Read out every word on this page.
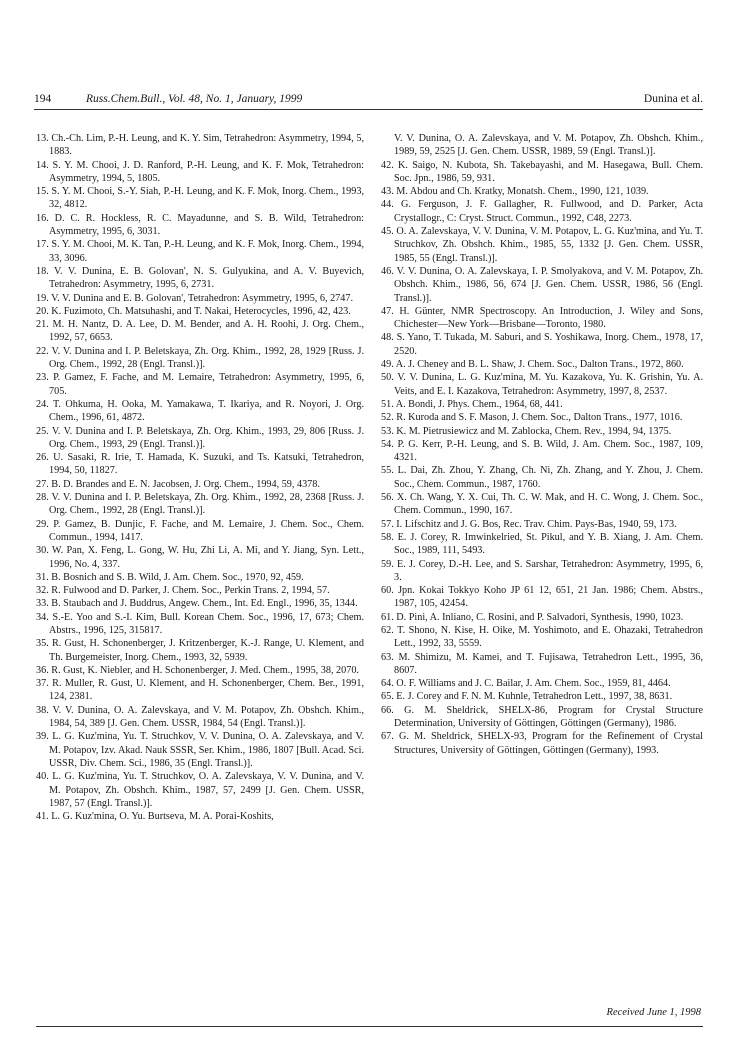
194	Russ.Chem.Bull., Vol. 48, No. 1, January, 1999	Dunina et al.

13. Ch.-Ch. Lim, P.-H. Leung, and K. Y. Sim, Tetrahedron: Asymmetry, 1994, 5, 1883.

14. S. Y. M. Chooi, J. D. Ranford, P.-H. Leung, and K. F. Mok, Tetrahedron: Asymmetry, 1994, 5, 1805.

15. S. Y. M. Chooi, S.-Y. Siah, P.-H. Leung, and K. F. Mok, Inorg. Chem., 1993, 32, 4812.

16. D. C. R. Hockless, R. C. Mayadunne, and S. B. Wild, Tetrahedron: Asymmetry, 1995, 6, 3031.

17. S. Y. M. Chooi, M. K. Tan, P.-H. Leung, and K. F. Mok, Inorg. Chem., 1994, 33, 3096.

18. V. V. Dunina, E. B. Golovan', N. S. Gulyukina, and A. V. Buyevich, Tetrahedron: Asymmetry, 1995, 6, 2731.

19. V. V. Dunina and E. B. Golovan', Tetrahedron: Asymmetry, 1995, 6, 2747.

20. K. Fuzimoto, Ch. Matsuhashi, and T. Nakai, Heterocycles, 1996, 42, 423.

21. M. H. Nantz, D. A. Lee, D. M. Bender, and A. H. Roohi, J. Org. Chem., 1992, 57, 6653.

22. V. V. Dunina and I. P. Beletskaya, Zh. Org. Khim., 1992, 28, 1929 [Russ. J. Org. Chem., 1992, 28 (Engl. Transl.)].

23. P. Gamez, F. Fache, and M. Lemaire, Tetrahedron: Asymmetry, 1995, 6, 705.

24. T. Ohkuma, H. Ooka, M. Yamakawa, T. Ikariya, and R. Noyori, J. Org. Chem., 1996, 61, 4872.

25. V. V. Dunina and I. P. Beletskaya, Zh. Org. Khim., 1993, 29, 806 [Russ. J. Org. Chem., 1993, 29 (Engl. Transl.)].

26. U. Sasaki, R. Irie, T. Hamada, K. Suzuki, and Ts. Katsuki, Tetrahedron, 1994, 50, 11827.

27. B. D. Brandes and E. N. Jacobsen, J. Org. Chem., 1994, 59, 4378.

28. V. V. Dunina and I. P. Beletskaya, Zh. Org. Khim., 1992, 28, 2368 [Russ. J. Org. Chem., 1992, 28 (Engl. Transl.)].

29. P. Gamez, B. Dunjic, F. Fache, and M. Lemaire, J. Chem. Soc., Chem. Commun., 1994, 1417.

30. W. Pan, X. Feng, L. Gong, W. Hu, Zhi Li, A. Mi, and Y. Jiang, Syn. Lett., 1996, No. 4, 337.

31. B. Bosnich and S. B. Wild, J. Am. Chem. Soc., 1970, 92, 459.

32. R. Fulwood and D. Parker, J. Chem. Soc., Perkin Trans. 2, 1994, 57.

33. B. Staubach and J. Buddrus, Angew. Chem., Int. Ed. Engl., 1996, 35, 1344.

34. S.-E. Yoo and S.-I. Kim, Bull. Korean Chem. Soc., 1996, 17, 673; Chem. Abstrs., 1996, 125, 315817.

35. R. Gust, H. Schonenberger, J. Kritzenberger, K.-J. Range, U. Klement, and Th. Burgemeister, Inorg. Chem., 1993, 32, 5939.

36. R. Gust, K. Niebler, and H. Schonenberger, J. Med. Chem., 1995, 38, 2070.

37. R. Muller, R. Gust, U. Klement, and H. Schonenberger, Chem. Ber., 1991, 124, 2381.

38. V. V. Dunina, O. A. Zalevskaya, and V. M. Potapov, Zh. Obshch. Khim., 1984, 54, 389 [J. Gen. Chem. USSR, 1984, 54 (Engl. Transl.)].

39. L. G. Kuz'mina, Yu. T. Struchkov, V. V. Dunina, O. A. Zalevskaya, and V. M. Potapov, Izv. Akad. Nauk SSSR, Ser. Khim., 1986, 1807 [Bull. Acad. Sci. USSR, Div. Chem. Sci., 1986, 35 (Engl. Transl.)].

40. L. G. Kuz'mina, Yu. T. Struchkov, O. A. Zalevskaya, V. V. Dunina, and V. M. Potapov, Zh. Obshch. Khim., 1987, 57, 2499 [J. Gen. Chem. USSR, 1987, 57 (Engl. Transl.)].

41. L. G. Kuz'mina, O. Yu. Burtseva, M. A. Porai-Koshits,

V. V. Dunina, O. A. Zalevskaya, and V. M. Potapov, Zh. Obshch. Khim., 1989, 59, 2525 [J. Gen. Chem. USSR, 1989, 59 (Engl. Transl.)].

42. K. Saigo, N. Kubota, Sh. Takebayashi, and M. Hasegawa, Bull. Chem. Soc. Jpn., 1986, 59, 931.

43. M. Abdou and Ch. Kratky, Monatsh. Chem., 1990, 121, 1039.

44. G. Ferguson, J. F. Gallagher, R. Fullwood, and D. Parker, Acta Crystallogr., C: Cryst. Struct. Commun., 1992, C48, 2273.

45. O. A. Zalevskaya, V. V. Dunina, V. M. Potapov, L. G. Kuz'mina, and Yu. T. Struchkov, Zh. Obshch. Khim., 1985, 55, 1332 [J. Gen. Chem. USSR, 1985, 55 (Engl. Transl.)].

46. V. V. Dunina, O. A. Zalevskaya, I. P. Smolyakova, and V. M. Potapov, Zh. Obshch. Khim., 1986, 56, 674 [J. Gen. Chem. USSR, 1986, 56 (Engl. Transl.)].

47. H. Günter, NMR Spectroscopy. An Introduction, J. Wiley and Sons, Chichester—New York—Brisbane—Toronto, 1980.

48. S. Yano, T. Tukada, M. Saburi, and S. Yoshikawa, Inorg. Chem., 1978, 17, 2520.

49. A. J. Cheney and B. L. Shaw, J. Chem. Soc., Dalton Trans., 1972, 860.

50. V. V. Dunina, L. G. Kuz'mina, M. Yu. Kazakova, Yu. K. Grishin, Yu. A. Veits, and E. I. Kazakova, Tetrahedron: Asymmetry, 1997, 8, 2537.

51. A. Bondi, J. Phys. Chem., 1964, 68, 441.

52. R. Kuroda and S. F. Mason, J. Chem. Soc., Dalton Trans., 1977, 1016.

53. K. M. Pietrusiewicz and M. Zablocka, Chem. Rev., 1994, 94, 1375.

54. P. G. Kerr, P.-H. Leung, and S. B. Wild, J. Am. Chem. Soc., 1987, 109, 4321.

55. L. Dai, Zh. Zhou, Y. Zhang, Ch. Ni, Zh. Zhang, and Y. Zhou, J. Chem. Soc., Chem. Commun., 1987, 1760.

56. X. Ch. Wang, Y. X. Cui, Th. C. W. Mak, and H. C. Wong, J. Chem. Soc., Chem. Commun., 1990, 167.

57. I. Lifschitz and J. G. Bos, Rec. Trav. Chim. Pays-Bas, 1940, 59, 173.

58. E. J. Corey, R. Imwinkelried, St. Pikul, and Y. B. Xiang, J. Am. Chem. Soc., 1989, 111, 5493.

59. E. J. Corey, D.-H. Lee, and S. Sarshar, Tetrahedron: Asymmetry, 1995, 6, 3.

60. Jpn. Kokai Tokkyo Koho JP 61 12, 651, 21 Jan. 1986; Chem. Abstrs., 1987, 105, 42454.

61. D. Pini, A. Inliano, C. Rosini, and P. Salvadori, Synthesis, 1990, 1023.

62. T. Shono, N. Kise, H. Oike, M. Yoshimoto, and E. Ohazaki, Tetrahedron Lett., 1992, 33, 5559.

63. M. Shimizu, M. Kamei, and T. Fujisawa, Tetrahedron Lett., 1995, 36, 8607.

64. O. F. Williams and J. C. Bailar, J. Am. Chem. Soc., 1959, 81, 4464.

65. E. J. Corey and F. N. M. Kuhnle, Tetrahedron Lett., 1997, 38, 8631.

66. G. M. Sheldrick, SHELX-86, Program for Crystal Structure Determination, University of Göttingen, Göttingen (Germany), 1986.

67. G. M. Sheldrick, SHELX-93, Program for the Refinement of Crystal Structures, University of Göttingen, Göttingen (Germany), 1993.

Received June 1, 1998
